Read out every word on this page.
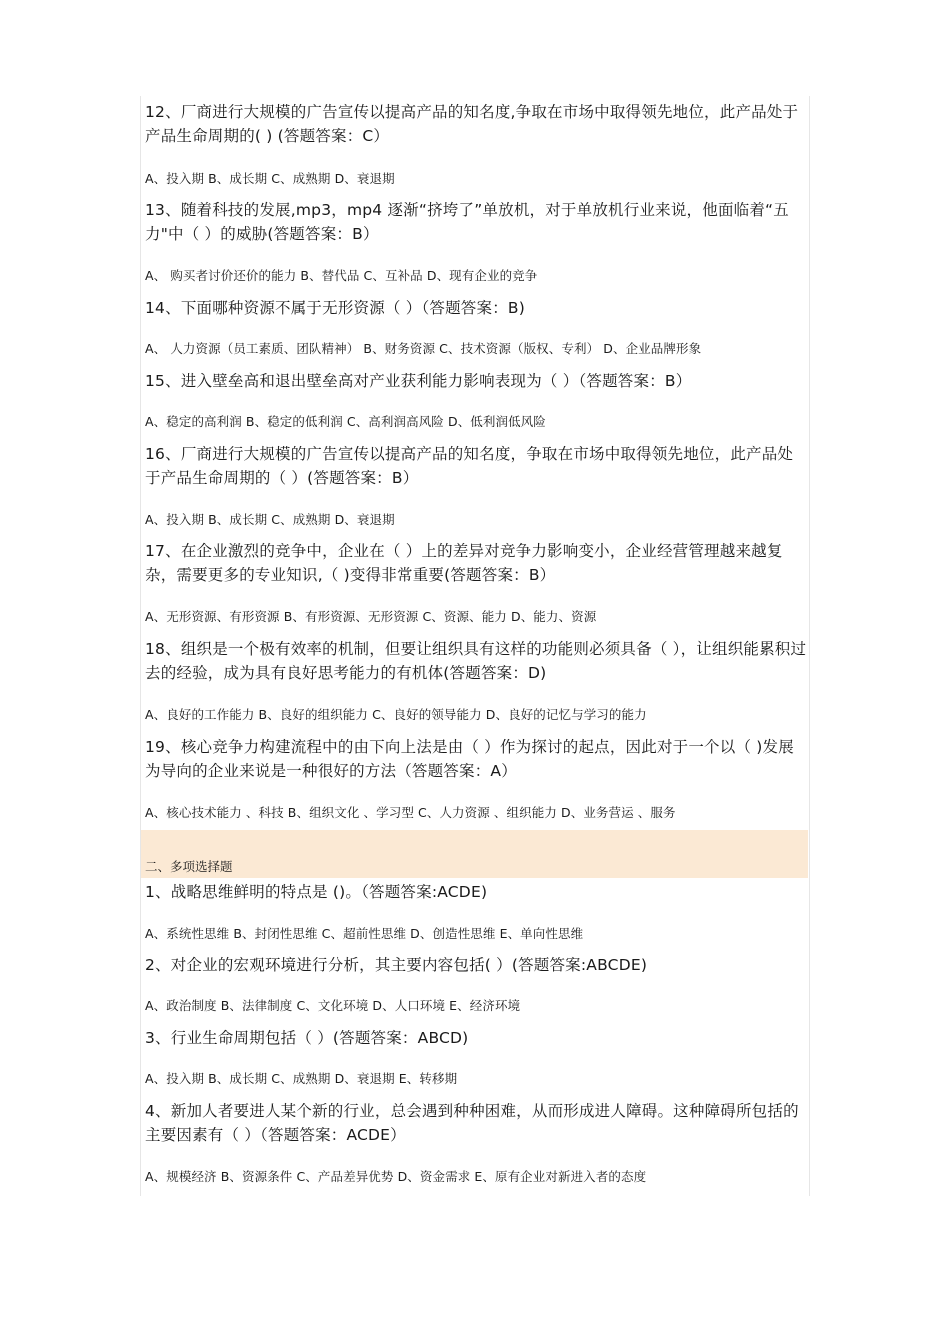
12、厂商进行大规模的广告宣传以提高产品的知名度,争取在市场中取得领先地位，此产品处于产品生命周期的( ) (答题答案：C）
A、投入期 B、成长期 C、成熟期 D、衰退期
13、随着科技的发展,mp3，mp4 逐渐“挤垮了”单放机，对于单放机行业来说，他面临着“五力"中（ ）的威胁(答题答案：B）
A、 购买者讨价还价的能力 B、替代品 C、互补品 D、现有企业的竞争
14、下面哪种资源不属于无形资源（ ）（答题答案：B)
A、 人力资源（员工素质、团队精神） B、财务资源 C、技术资源（版权、专利） D、企业品牌形象
15、进入壁垒高和退出壁垒高对产业获利能力影响表现为（ ）（答题答案：B）
A、稳定的高利润 B、稳定的低利润 C、高利润高风险 D、低利润低风险
16、厂商进行大规模的广告宣传以提高产品的知名度，争取在市场中取得领先地位，此产品处于产品生命周期的（ ）(答题答案：B）
A、投入期 B、成长期 C、成熟期 D、衰退期
17、在企业激烈的竞争中，企业在（ ）上的差异对竞争力影响变小，企业经营管理越来越复杂，需要更多的专业知识,（ )变得非常重要(答题答案：B）
A、无形资源、有形资源 B、有形资源、无形资源 C、资源、能力 D、能力、资源
18、组织是一个极有效率的机制，但要让组织具有这样的功能则必须具备（ ），让组织能累积过去的经验，成为具有良好思考能力的有机体(答题答案：D)
A、良好的工作能力 B、良好的组织能力 C、良好的领导能力 D、良好的记忆与学习的能力
19、核心竞争力构建流程中的由下向上法是由（ ）作为探讨的起点，因此对于一个以（ )发展为导向的企业来说是一种很好的方法（答题答案：A）
A、核心技术能力 、科技 B、组织文化 、学习型 C、人力资源 、组织能力 D、业务营运 、服务
二、多项选择题
1、战略思维鲜明的特点是 ()。（答题答案:ACDE)
A、系统性思维 B、封闭性思维 C、超前性思维 D、创造性思维 E、单向性思维
2、对企业的宏观环境进行分析，其主要内容包括( ）(答题答案:ABCDE)
A、政治制度 B、法律制度 C、文化环境 D、人口环境 E、经济环境
3、行业生命周期包括（ ）(答题答案：ABCD)
A、投入期 B、成长期 C、成熟期 D、衰退期 E、转移期
4、新加人者要进人某个新的行业，总会遇到种种困难，从而形成进人障碍。这种障碍所包括的主要因素有（ ）（答题答案：ACDE）
A、规模经济 B、资源条件 C、产品差异优势 D、资金需求 E、原有企业对新进入者的态度
